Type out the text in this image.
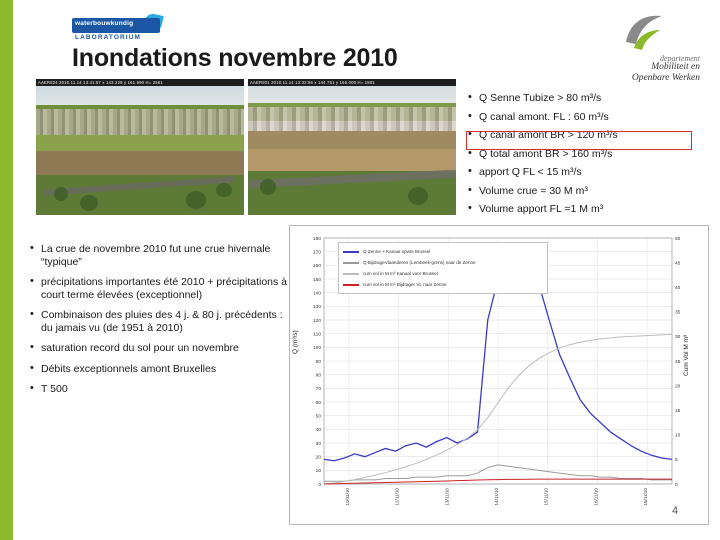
waterbouwkundig
LABORATORIUM
departement
Mobiliteit en
Openbare Werken
Inondations novembre 2010
AAER824 2010.11.14 13:41:57 x 143.229 y 161.590 H= 2561	AAER801 2010.11.14 13:32:56 x 144.751 y 166.000 H= 1801
• Q Senne Tubize > 80 m³/s
• Q canal amont. FL : 60 m³/s
• Q canal amont BR > 120 m³/s
• Q total amont BR > 160 m³/s
• apport Q FL < 15 m³/s
• Volume crue = 30 M m³
• Volume apport FL =1 M m³
• La crue de novembre 2010 fut une crue hivernale “typique”
• précipitations importantes été 2010 + précipitations à court terme élevées (exceptionnel)
• Combinaison des pluies des 4 j. & 80 j. précédents : du jamais vu (de 1951 à 2010)
• saturation record du sol pour un novembre
• Débits exceptionnels amont Bruxelles
• T 500
0
10
20
30
40
50
60
70
80
90
100
110
120
130
140
150
160
170
180
0
5
10
15
20
25
30
35
40
45
50
10/11/10	12/11/10	13/11/10	14/11/10	15/11/10	16/11/10	18/11/10
Q (m³/s)	Cum Vol M m³
Q Zenne + Kanaal opwts Brussel
Q BijdrageVlaanderen (Lembeek-grens) naar de Zenne
cum vol in M m³ Kanaal voor Brussel
cum vol in M m³ Bijdrager VL naar Zenne
4
